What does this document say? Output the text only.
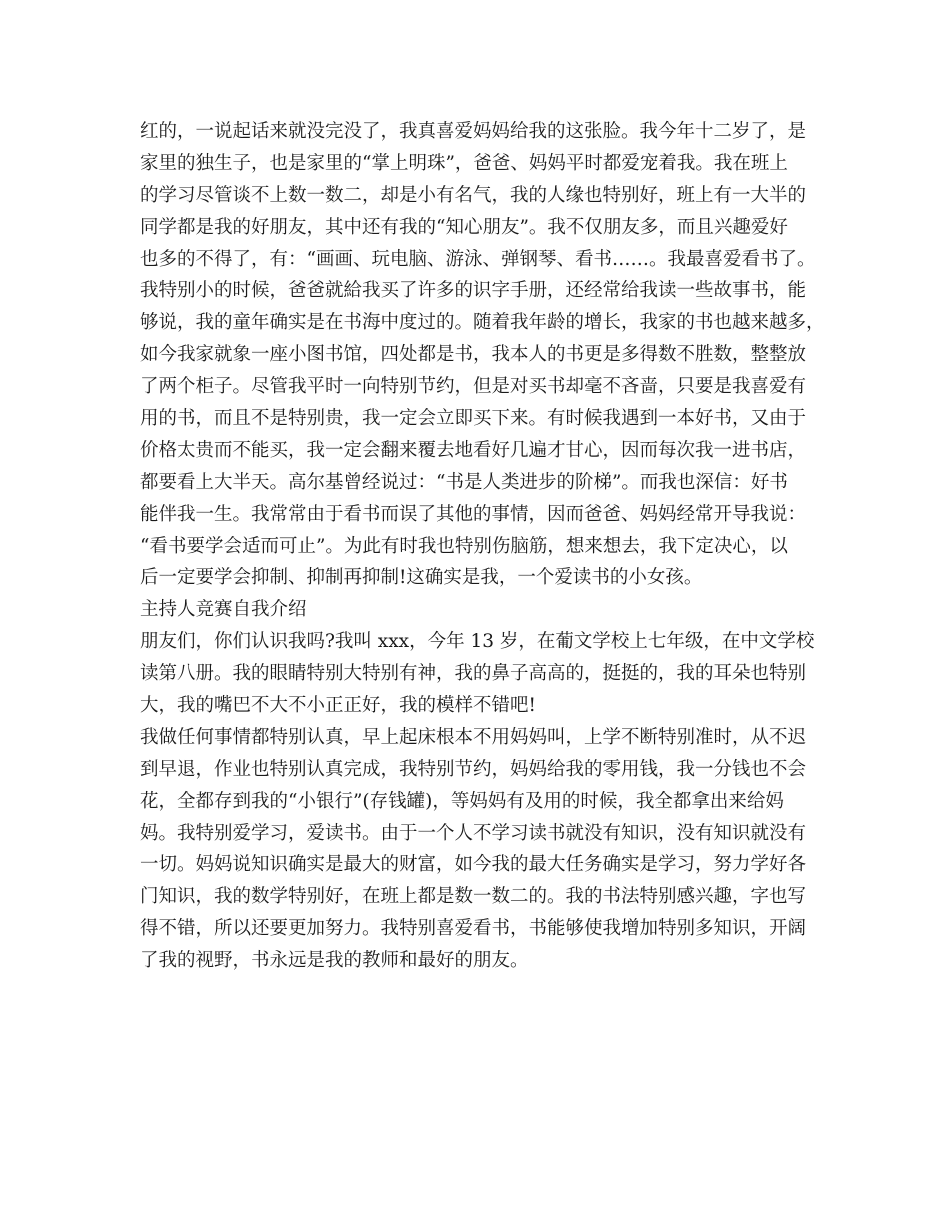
红的，一说起话来就没完没了，我真喜爱妈妈给我的这张脸。我今年十二岁了，是
家里的独生子，也是家里的“掌上明珠”，爸爸、妈妈平时都爱宠着我。我在班上
的学习尽管谈不上数一数二，却是小有名气，我的人缘也特别好，班上有一大半的
同学都是我的好朋友，其中还有我的“知心朋友”。我不仅朋友多，而且兴趣爱好
也多的不得了，有：“画画、玩电脑、游泳、弹钢琴、看书……。我最喜爱看书了。
我特别小的时候，爸爸就給我买了许多的识字手册，还经常给我读一些故事书，能
够说，我的童年确实是在书海中度过的。随着我年龄的增长，我家的书也越来越多，
如今我家就象一座小图书馆，四处都是书，我本人的书更是多得数不胜数，整整放
了两个柜子。尽管我平时一向特别节约，但是对买书却毫不吝啬，只要是我喜爱有
用的书，而且不是特别贵，我一定会立即买下来。有时候我遇到一本好书，又由于
价格太贵而不能买，我一定会翻来覆去地看好几遍才甘心，因而每次我一进书店，
都要看上大半天。高尔基曾经说过：“书是人类进步的阶梯”。而我也深信：好书
能伴我一生。我常常由于看书而误了其他的事情，因而爸爸、妈妈经常开导我说：
“看书要学会适而可止”。为此有时我也特别伤脑筋，想来想去，我下定决心，以
后一定要学会抑制、抑制再抑制!这确实是我，一个爱读书的小女孩。
主持人竞赛自我介绍
朋友们，你们认识我吗?我叫 xxx，今年 13 岁，在葡文学校上七年级，在中文学校
读第八册。我的眼睛特别大特别有神，我的鼻子高高的，挺挺的，我的耳朵也特别
大，我的嘴巴不大不小正正好，我的模样不错吧!
我做任何事情都特别认真，早上起床根本不用妈妈叫，上学不断特别准时，从不迟
到早退，作业也特别认真完成，我特别节约，妈妈给我的零用钱，我一分钱也不会
花，全都存到我的“小银行”(存钱罐)，等妈妈有及用的时候，我全都拿出来给妈
妈。我特别爱学习，爱读书。由于一个人不学习读书就没有知识，没有知识就没有
一切。妈妈说知识确实是最大的财富，如今我的最大任务确实是学习，努力学好各
门知识，我的数学特别好，在班上都是数一数二的。我的书法特别感兴趣，字也写
得不错，所以还要更加努力。我特别喜爱看书，书能够使我增加特别多知识，开阔
了我的视野，书永远是我的教师和最好的朋友。
